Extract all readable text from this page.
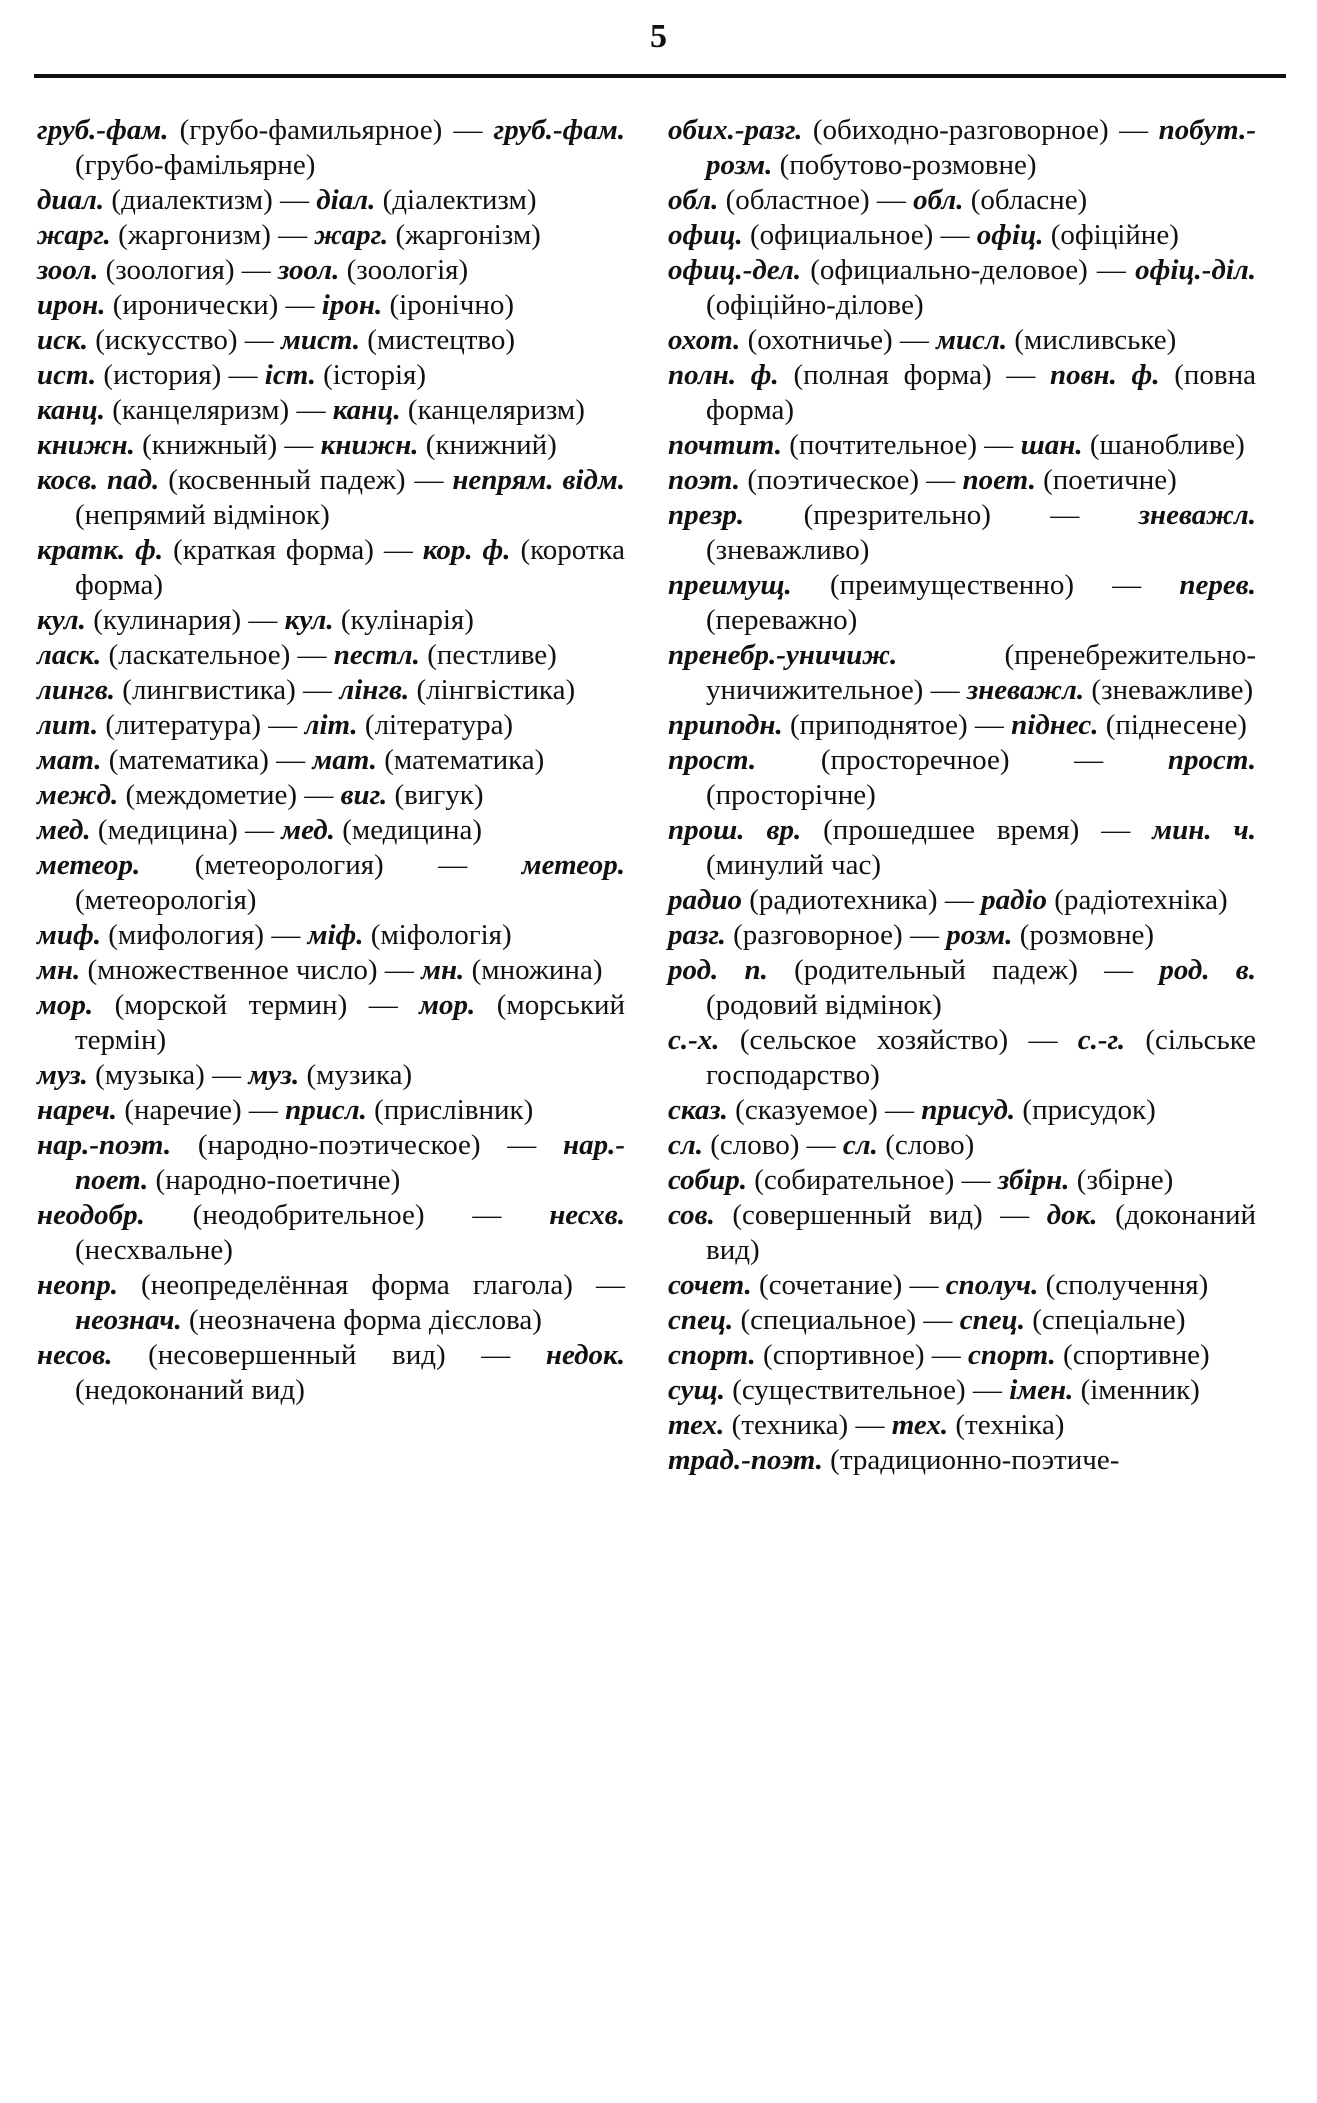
5

груб.-фам. (грубо-фамильярное) — груб.-фам. (грубо-фамільярне)

диал. (диалектизм) — діал. (діалектизм)

жарг. (жаргонизм) — жарг. (жаргонізм)

зоол. (зоология) — зоол. (зоологія)

ирон. (иронически) — ірон. (іронічно)

иск. (искусство) — мист. (мистецтво)

ист. (история) — іст. (історія)

канц. (канцеляризм) — канц. (канцеляризм)

книжн. (книжный) — книжн. (книжний)

косв. пад. (косвенный падеж) — непрям. відм. (непрямий відмінок)

кратк. ф. (краткая форма) — кор. ф. (коротка форма)

кул. (кулинария) — кул. (кулінарія)

ласк. (ласкательное) — пестл. (пестливе)

лингв. (лингвистика) — лінгв. (лінгвістика)

лит. (литература) — літ. (література)

мат. (математика) — мат. (математика)

межд. (междометие) — виг. (вигук)

мед. (медицина) — мед. (медицина)

метеор. (метеорология) — метеор. (метеорологія)

миф. (мифология) — міф. (міфологія)

мн. (множественное число) — мн. (множина)

мор. (морской термин) — мор. (морський термін)

муз. (музыка) — муз. (музика)

нареч. (наречие) — присл. (прислівник)

нар.-поэт. (народно-поэтическое) — нар.-поет. (народно-поетичне)

неодобр. (неодобрительное) — несхв. (несхвальне)

неопр. (неопределённая форма глагола) — неознач. (неозначена форма дієслова)

несов. (несовершенный вид) — недок. (недоконаний вид)

обих.-разг. (обиходно-разговорное) — побут.-розм. (побутово-розмовне)

обл. (областное) — обл. (обласне)

офиц. (официальное) — офіц. (офіційне)

офиц.-дел. (официально-деловое) — офіц.-діл. (офіційно-ділове)

охот. (охотничье) — мисл. (мисливське)

полн. ф. (полная форма) — повн. ф. (повна форма)

почтит. (почтительное) — шан. (шанобливе)

поэт. (поэтическое) — поет. (поетичне)

презр. (презрительно) — зневажл. (зневажливо)

преимущ. (преимущественно) — перев. (переважно)

пренебр.-уничиж.	(пренебрежительно-уничижительное) — зневажл. (зневажливе)

приподн. (приподнятое) — піднес. (піднесене)

прост. (просторечное) — прост. (просторічне)

прош. вр. (прошедшее время) — мин. ч. (минулий час)

радио (радиотехника) — радіо (радіотехніка)

разг. (разговорное) — розм. (розмовне)

род. п. (родительный падеж) — род. в. (родовий відмінок)

с.-х. (сельское хозяйство) — с.-г. (сільське господарство)

сказ. (сказуемое) — присуд. (присудок)

сл. (слово) — сл. (слово)

собир. (собирательное) — збірн. (збірне)

сов. (совершенный вид) — док. (доконаний вид)

сочет. (сочетание) — сполуч. (сполучення)

спец. (специальное) — спец. (спеціальне)

спорт. (спортивное) — спорт. (спортивне)

сущ. (существительное) — імен. (іменник)

тех. (техника) — тех. (техніка)

трад.-поэт. (традиционно-поэтиче-
